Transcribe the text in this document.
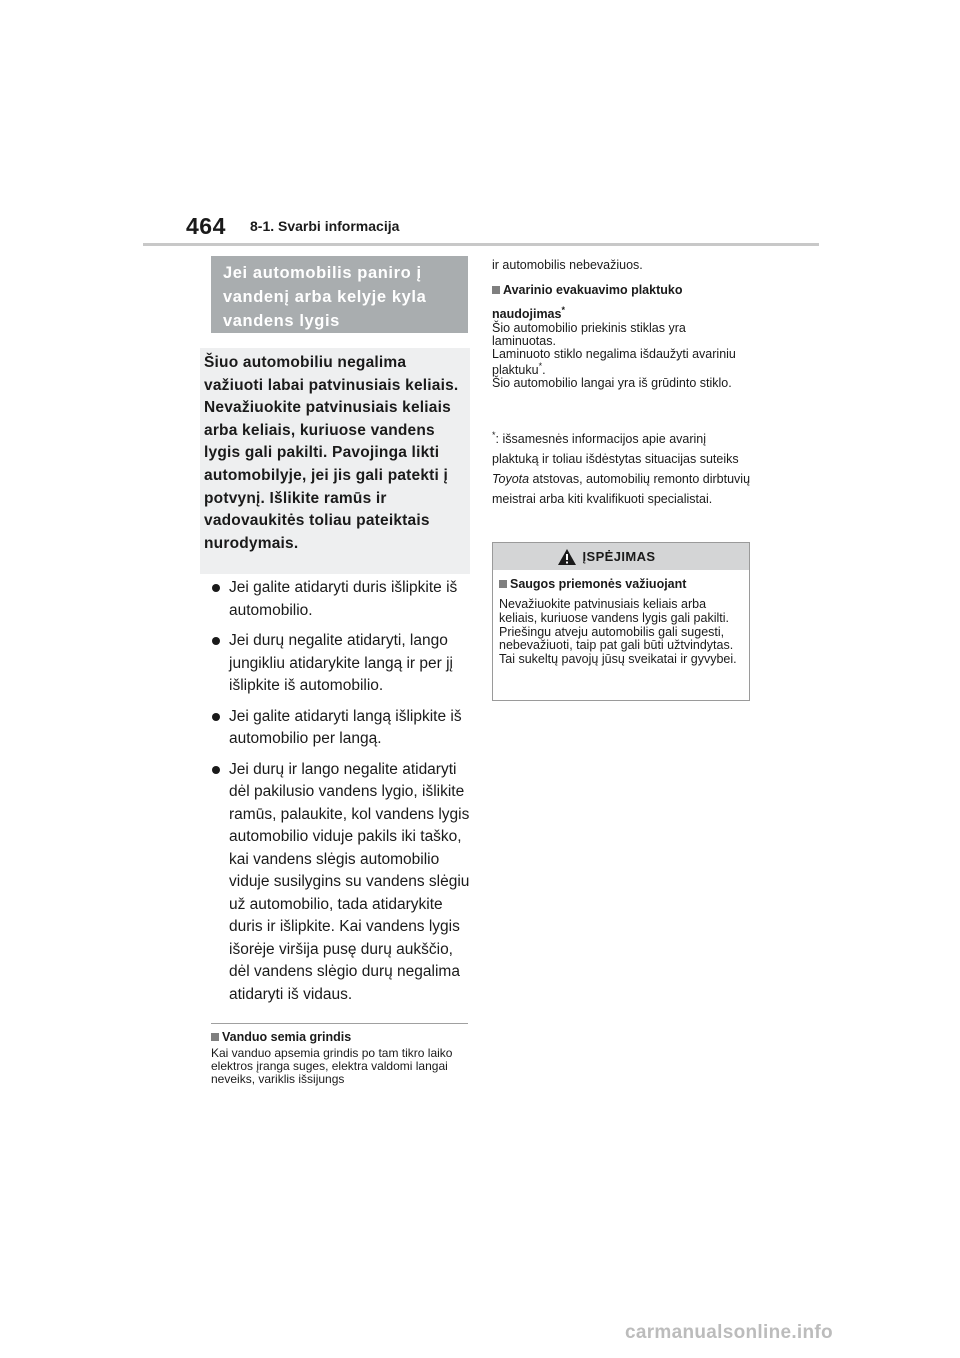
464 8-1. Svarbi informacija
Jei automobilis paniro į vandenį arba kelyje kyla vandens lygis
Šiuo automobiliu negalima važiuoti labai patvinusiais keliais. Nevažiuokite patvinusiais keliais arba keliais, kuriuose vandens lygis gali pakilti. Pavojinga likti automobilyje, jei jis gali patekti į potvynį. Išlikite ramūs ir vadovaukitės toliau pateiktais nurodymais.
Jei galite atidaryti duris išlipkite iš automobilio.
Jei durų negalite atidaryti, lango jungikliu atidarykite langą ir per jį išlipkite iš automobilio.
Jei galite atidaryti langą išlipkite iš automobilio per langą.
Jei durų ir lango negalite atidaryti dėl pakilusio vandens lygio, išlikite ramūs, palaukite, kol vandens lygis automobilio viduje pakils iki taško, kai vandens slėgis automobilio viduje susilygins su vandens slėgiu už automobilio, tada atidarykite duris ir išlipkite. Kai vandens lygis išorėje viršija pusę durų aukščio, dėl vandens slėgio durų negalima atidaryti iš vidaus.
Vanduo semia grindis
Kai vanduo apsemia grindis po tam tikro laiko elektros įranga suges, elektra valdomi langai neveiks, variklis išsijungs
ir automobilis nebevažiuos.
Avarinio evakuavimo plaktuko naudojimas*
Šio automobilio priekinis stiklas yra laminuotas.
Laminuoto stiklo negalima išdaužyti avariniu plaktuku*.
Šio automobilio langai yra iš grūdinto stiklo.
*: išsamesnės informacijos apie avarinį plaktuką ir toliau išdėstytas situacijas suteiks Toyota atstovas, automobilių remonto dirbtuvių meistrai arba kiti kvalifikuoti specialistai.
ĮSPĖJIMAS
Saugos priemonės važiuojant
Nevažiuokite patvinusiais keliais arba keliais, kuriuose vandens lygis gali pakilti. Priešingu atveju automobilis gali sugesti, nebevažiuoti, taip pat gali būti užtvindytas. Tai sukeltų pavojų jūsų sveikatai ir gyvybei.
carmanualsonline.info
